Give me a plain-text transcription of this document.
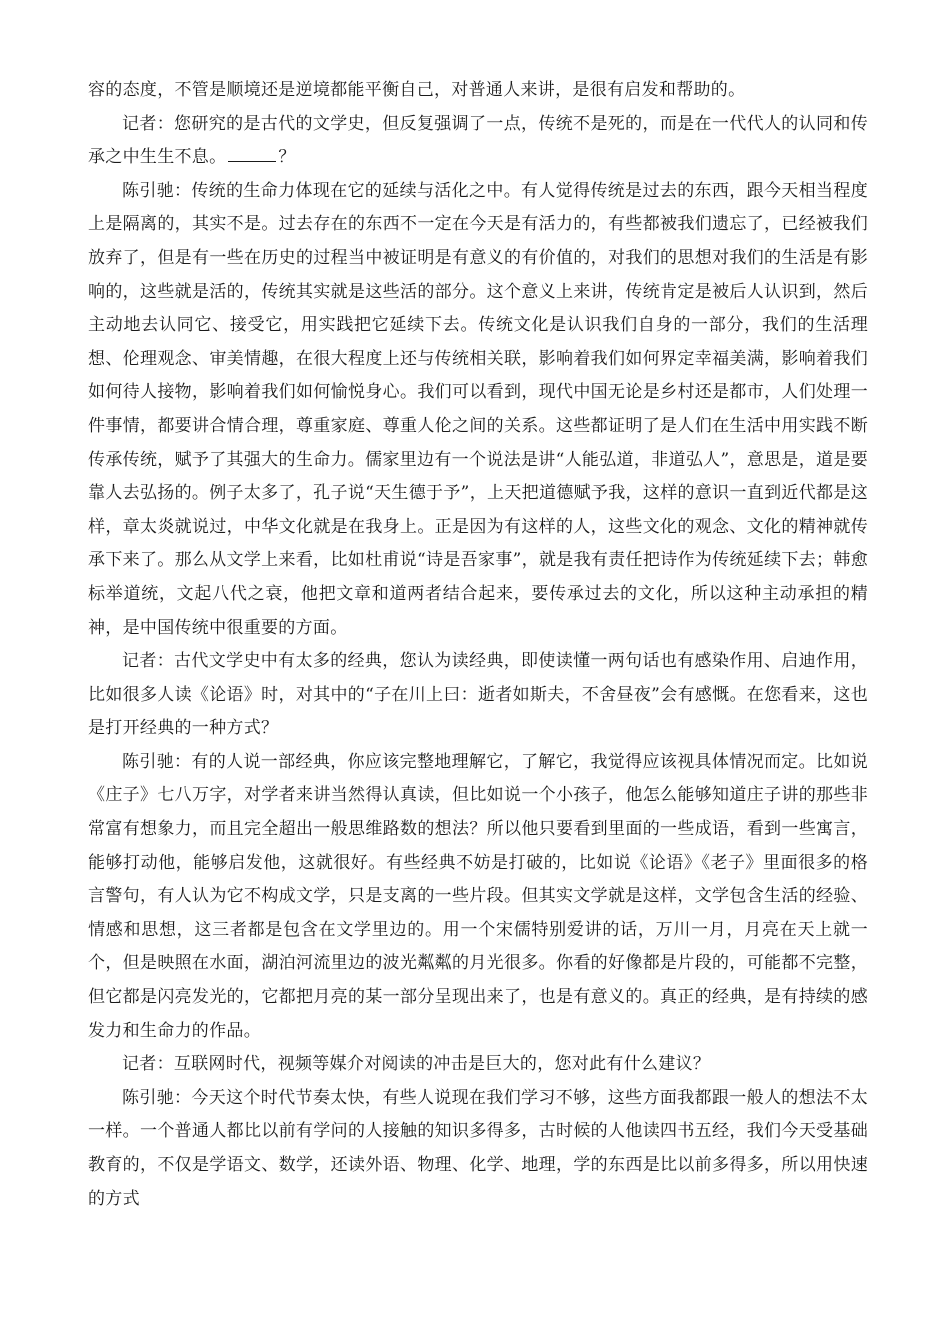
容的态度，不管是顺境还是逆境都能平衡自己，对普通人来讲，是很有启发和帮助的。

记者：您研究的是古代的文学史，但反复强调了一点，传统不是死的，而是在一代代人的认同和传承之中生生不息。	？

陈引驰：传统的生命力体现在它的延续与活化之中。有人觉得传统是过去的东西，跟今天相当程度上是隔离的，其实不是。过去存在的东西不一定在今天是有活力的，有些都被我们遗忘了，已经被我们放弃了，但是有一些在历史的过程当中被证明是有意义的有价值的，对我们的思想对我们的生活是有影响的，这些就是活的，传统其实就是这些活的部分。这个意义上来讲，传统肯定是被后人认识到，然后主动地去认同它、接受它，用实践把它延续下去。传统文化是认识我们自身的一部分，我们的生活理想、伦理观念、审美情趣，在很大程度上还与传统相关联，影响着我们如何界定幸福美满，影响着我们如何待人接物，影响着我们如何愉悦身心。我们可以看到，现代中国无论是乡村还是都市，人们处理一件事情，都要讲合情合理，尊重家庭、尊重人伦之间的关系。这些都证明了是人们在生活中用实践不断传承传统，赋予了其强大的生命力。儒家里边有一个说法是讲“人能弘道，非道弘人”，意思是，道是要靠人去弘扬的。例子太多了，孔子说“天生德于予”，上天把道德赋予我，这样的意识一直到近代都是这样，章太炎就说过，中华文化就是在我身上。正是因为有这样的人，这些文化的观念、文化的精神就传承下来了。那么从文学上来看，比如杜甫说“诗是吾家事”，就是我有责任把诗作为传统延续下去；韩愈标举道统，文起八代之衰，他把文章和道两者结合起来，要传承过去的文化，所以这种主动承担的精神，是中国传统中很重要的方面。

记者：古代文学史中有太多的经典，您认为读经典，即使读懂一两句话也有感染作用、启迪作用，比如很多人读《论语》时，对其中的“子在川上曰：逝者如斯夫，不舍昼夜”会有感慨。在您看来，这也是打开经典的一种方式？

陈引驰：有的人说一部经典，你应该完整地理解它，了解它，我觉得应该视具体情况而定。比如说《庄子》七八万字，对学者来讲当然得认真读，但比如说一个小孩子，他怎么能够知道庄子讲的那些非常富有想象力，而且完全超出一般思维路数的想法？所以他只要看到里面的一些成语，看到一些寓言，能够打动他，能够启发他，这就很好。有些经典不妨是打破的，比如说《论语》《老子》里面很多的格言警句，有人认为它不构成文学，只是支离的一些片段。但其实文学就是这样，文学包含生活的经验、情感和思想，这三者都是包含在文学里边的。用一个宋儒特别爱讲的话，万川一月，月亮在天上就一个，但是映照在水面，湖泊河流里边的波光粼粼的月光很多。你看的好像都是片段的，可能都不完整，但它都是闪亮发光的，它都把月亮的某一部分呈现出来了，也是有意义的。真正的经典，是有持续的感发力和生命力的作品。

记者：互联网时代，视频等媒介对阅读的冲击是巨大的，您对此有什么建议？

陈引驰：今天这个时代节奏太快，有些人说现在我们学习不够，这些方面我都跟一般人的想法不太一样。一个普通人都比以前有学问的人接触的知识多得多，古时候的人他读四书五经，我们今天受基础教育的，不仅是学语文、数学，还读外语、物理、化学、地理，学的东西是比以前多得多，所以用快速的方式
